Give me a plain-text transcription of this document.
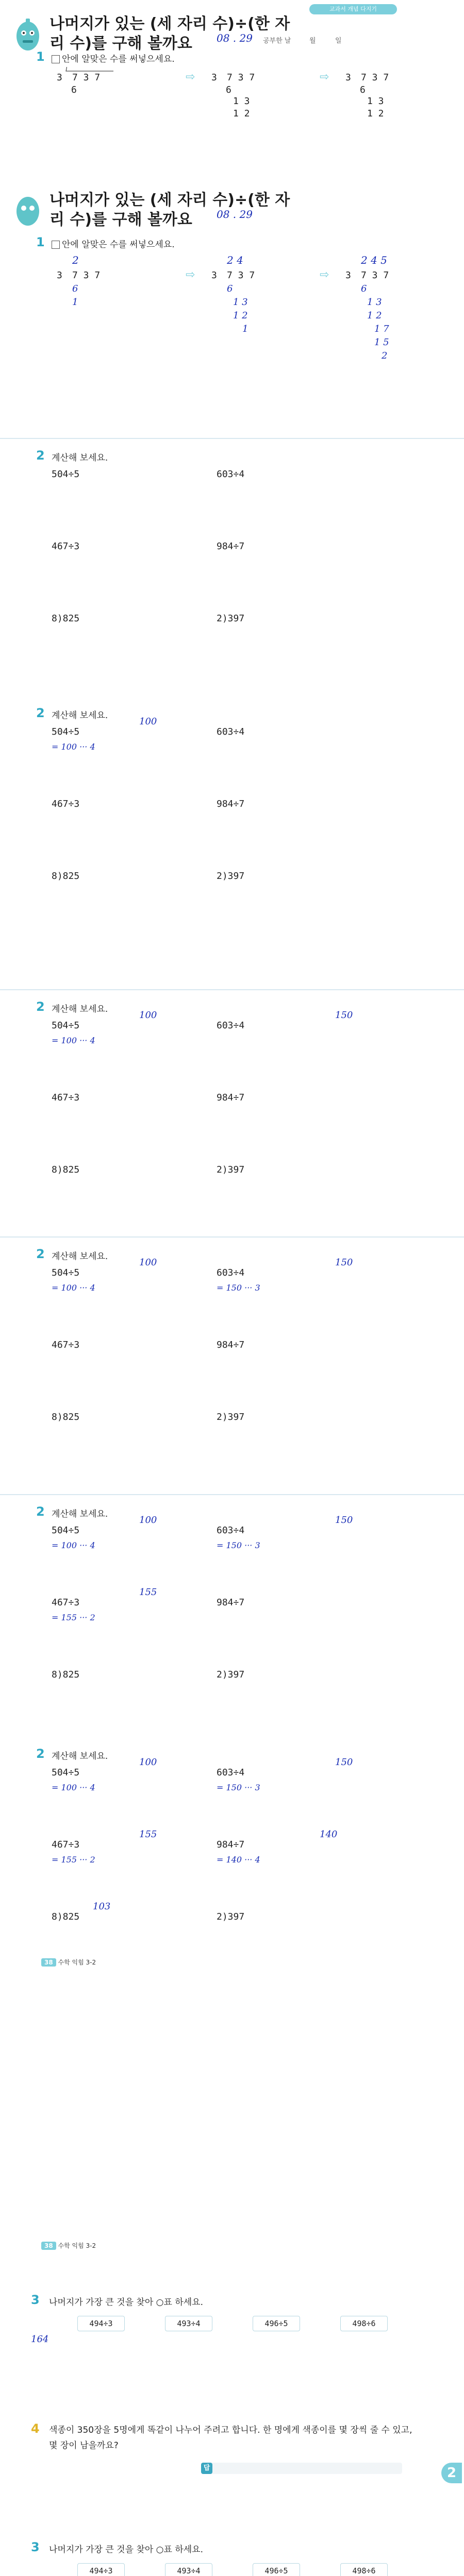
교과서 개념 다지기
나머지가 있는 (세 자리 수)÷(한 자리 수)를 구해 볼까요	08 . 29 공부한 날	월	일
1	안에 알맞은 수를 써넣으세요.
3 7 3 7
6
⇨ 3 7 3 7
6
1 3
1 2
⇨ 3 7 3 7
6
1 3
1 2
나머지가 있는 (세 자리 수)÷(한 자리 수)를 구해 볼까요	08 . 29
1	안에 알맞은 수를 써넣으세요.
2
3 7 3 7
6
1
⇨
2 4
3 7 3 7
6
1 3
1 2
1
⇨
2 4 5
3 7 3 7
6
1 3
1 2
1 7
1 5
2
2 계산해 보세요.
504÷5	603÷4
467÷3	984÷7
8)825	2)397
2 계산해 보세요.
504÷5	603÷4
467÷3	984÷7
8)825	2)397
100
= 100 ··· 4
2 계산해 보세요.
504÷5	603÷4
467÷3	984÷7
8)825	2)397
100
= 100 ··· 4
150
2 계산해 보세요.
504÷5	603÷4
467÷3	984÷7
8)825	2)397
100
= 100 ··· 4
150
= 150 ··· 3
2 계산해 보세요.
504÷5	603÷4
467÷3	984÷7
8)825	2)397
100
= 100 ··· 4
150
= 150 ··· 3
155
= 155 ··· 2
2 계산해 보세요.
504÷5	603÷4
467÷3	984÷7
8)825	2)397
100
= 100 ··· 4
150
= 150 ··· 3
155
= 155 ··· 2
140
= 140 ··· 4
103
38 수학 익힘 3-2
38 수학 익힘 3-2
3 나머지가 가장 큰 것을 찾아 ○표 하세요.
494÷3	493÷4	496÷5	498÷6
164
4 색종이 350장을 5명에게 똑같이 나누어 주려고 합니다. 한 명에게 색종이를 몇 장씩 줄 수 있고, 몇 장이 남을까요?
답	2
3 나머지가 가장 큰 것을 찾아 ○표 하세요.
494÷3	493÷4	496÷5	498÷6
